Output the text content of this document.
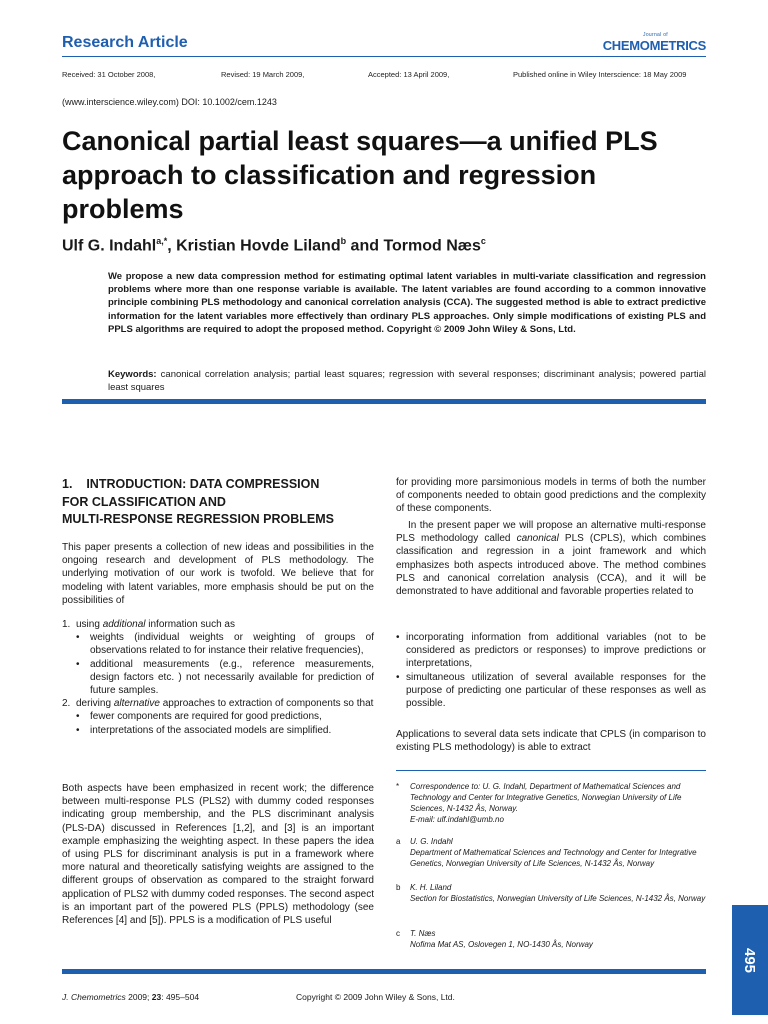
Research Article	Journal of
CHEMOMETRICS
Received: 31 October 2008,	Revised: 19 March 2009,	Accepted: 13 April 2009,	Published online in Wiley Interscience: 18 May 2009
(www.interscience.wiley.com) DOI: 10.1002/cem.1243
Canonical partial least squares—a unified PLS approach to classification and regression problems
Ulf G. Indahl$^{a,*}$, Kristian Hovde Liland$^b$ and Tormod Næs$^c$
We propose a new data compression method for estimating optimal latent variables in multi-variate classification and regression problems where more than one response variable is available. The latent variables are found according to a common innovative principle combining PLS methodology and canonical correlation analysis (CCA). The suggested method is able to extract predictive information for the latent variables more effectively than ordinary PLS approaches. Only simple modifications of existing PLS and PPLS algorithms are required to adopt the proposed method. Copyright © 2009 John Wiley & Sons, Ltd.
Keywords: canonical correlation analysis; partial least squares; regression with several responses; discriminant analysis; powered partial least squares
1.    INTRODUCTION: DATA COMPRESSION
FOR CLASSIFICATION AND
MULTI-RESPONSE REGRESSION PROBLEMS
This paper presents a collection of new ideas and possibilities in the ongoing research and development of PLS methodology. The underlying motivation of our work is twofold. We believe that for modeling with latent variables, more emphasis should be put on the possibilities of
1. using additional information such as
• weights (individual weights or weighting of groups of observations related to for instance their relative frequencies),
• additional measurements (e.g., reference measurements, design factors etc. ) not necessarily available for prediction of future samples.
2. deriving alternative approaches to extraction of components so that
• fewer components are required for good predictions,
• interpretations of the associated models are simplified.
Both aspects have been emphasized in recent work; the difference between multi-response PLS (PLS2) with dummy coded responses indicating group membership, and the PLS discriminant analysis (PLS-DA) discussed in References [1,2], and [3] is an important example emphasizing the weighting aspect. In these papers the idea of using PLS for discriminant analysis is put in a framework where more natural and theoretically satisfying weights are assigned to the different groups of observation as compared to the straight forward application of PLS2 with dummy coded responses. The second aspect is an important part of the powered PLS (PPLS) methodology (see References [4] and [5]). PPLS is a modification of PLS useful
for providing more parsimonious models in terms of both the number of components needed to obtain good predictions and the complexity of these components.
In the present paper we will propose an alternative multi-response PLS methodology called canonical PLS (CPLS), which combines classification and regression in a joint framework and which emphasizes both aspects introduced above. The method combines PLS and canonical correlation analysis (CCA), and it will be demonstrated to have additional and favorable properties related to
• incorporating information from additional variables (not to be considered as predictors or responses) to improve predictions or interpretations,
• simultaneous utilization of several available responses for the purpose of predicting one particular of these responses as well as possible.
Applications to several data sets indicate that CPLS (in comparison to existing PLS methodology) is able to extract
* Correspondence to: U. G. Indahl, Department of Mathematical Sciences and Technology and Center for Integrative Genetics, Norwegian University of Life Sciences, N-1432 Ås, Norway.
E-mail: ulf.indahl@umb.no
a U. G. Indahl
Department of Mathematical Sciences and Technology and Center for Integrative Genetics, Norwegian University of Life Sciences, N-1432 Ås, Norway
b K. H. Liland
Section for Biostatistics, Norwegian University of Life Sciences, N-1432 Ås, Norway
c T. Næs
Nofima Mat AS, Oslovegen 1, NO-1430 Ås, Norway
J. Chemometrics 2009; 23: 495–504	Copyright © 2009 John Wiley & Sons, Ltd.
495
